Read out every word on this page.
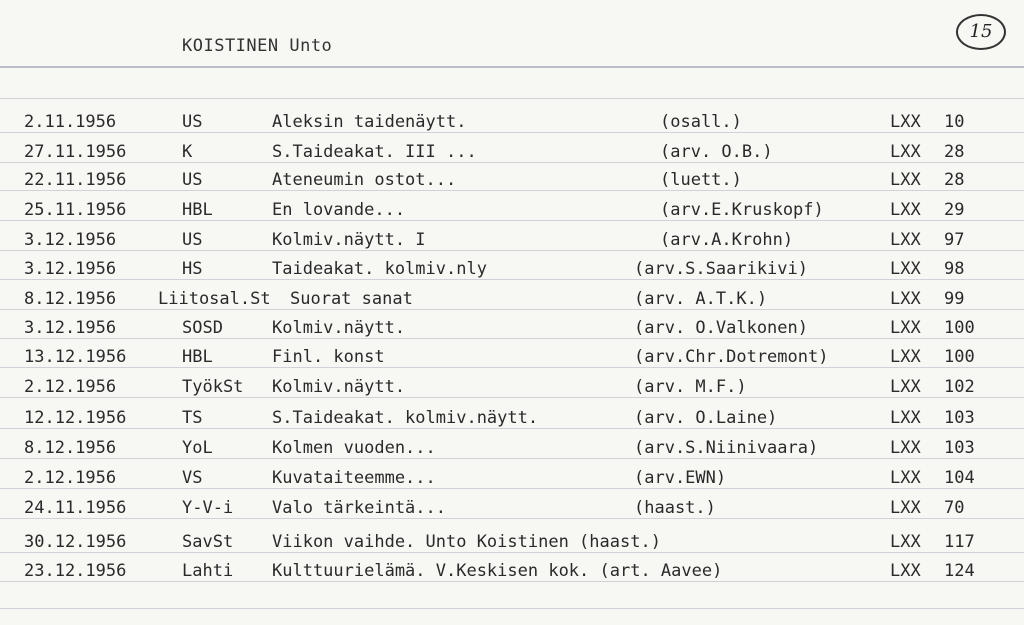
KOISTINEN Unto
15
2.11.1956	US	Aleksin taidenäytt.	(osall.)	LXX 10
27.11.1956	K	S.Taideakat. III ...	(arv. O.B.)	LXX 28
22.11.1956	US	Ateneumin ostot...	(luett.)	LXX 28
25.11.1956	HBL	En lovande...	(arv.E.Kruskopf)	LXX 29
3.12.1956	US	Kolmiv.näytt. I	(arv.A.Krohn)	LXX 97
3.12.1956	HS	Taideakat. kolmiv.nly	(arv.S.Saarikivi)	LXX 98
8.12.1956 Liitosal.St Suorat sanat	(arv. A.T.K.)	LXX 99
3.12.1956	SOSD	Kolmiv.näytt.	(arv. O.Valkonen)	LXX 100
13.12.1956	HBL	Finl. konst	(arv.Chr.Dotremont)	LXX 100
2.12.1956	TyökSt Kolmiv.näytt.	(arv. M.F.)	LXX 102
12.12.1956	TS	S.Taideakat. kolmiv.näytt.	(arv. O.Laine)	LXX 103
8.12.1956	YoL	Kolmen vuoden...	(arv.S.Niinivaara)	LXX 103
2.12.1956	VS	Kuvataiteemme...	(arv.EWN)	LXX 104
24.11.1956	Y-V-i Valo tärkeintä...	(haast.)	LXX 70
30.12.1956	SavSt Viikon vaihde. Unto Koistinen (haast.)	LXX 117
23.12.1956	Lahti Kulttuurielämä. V.Keskisen kok. (art. Aavee)	LXX 124
